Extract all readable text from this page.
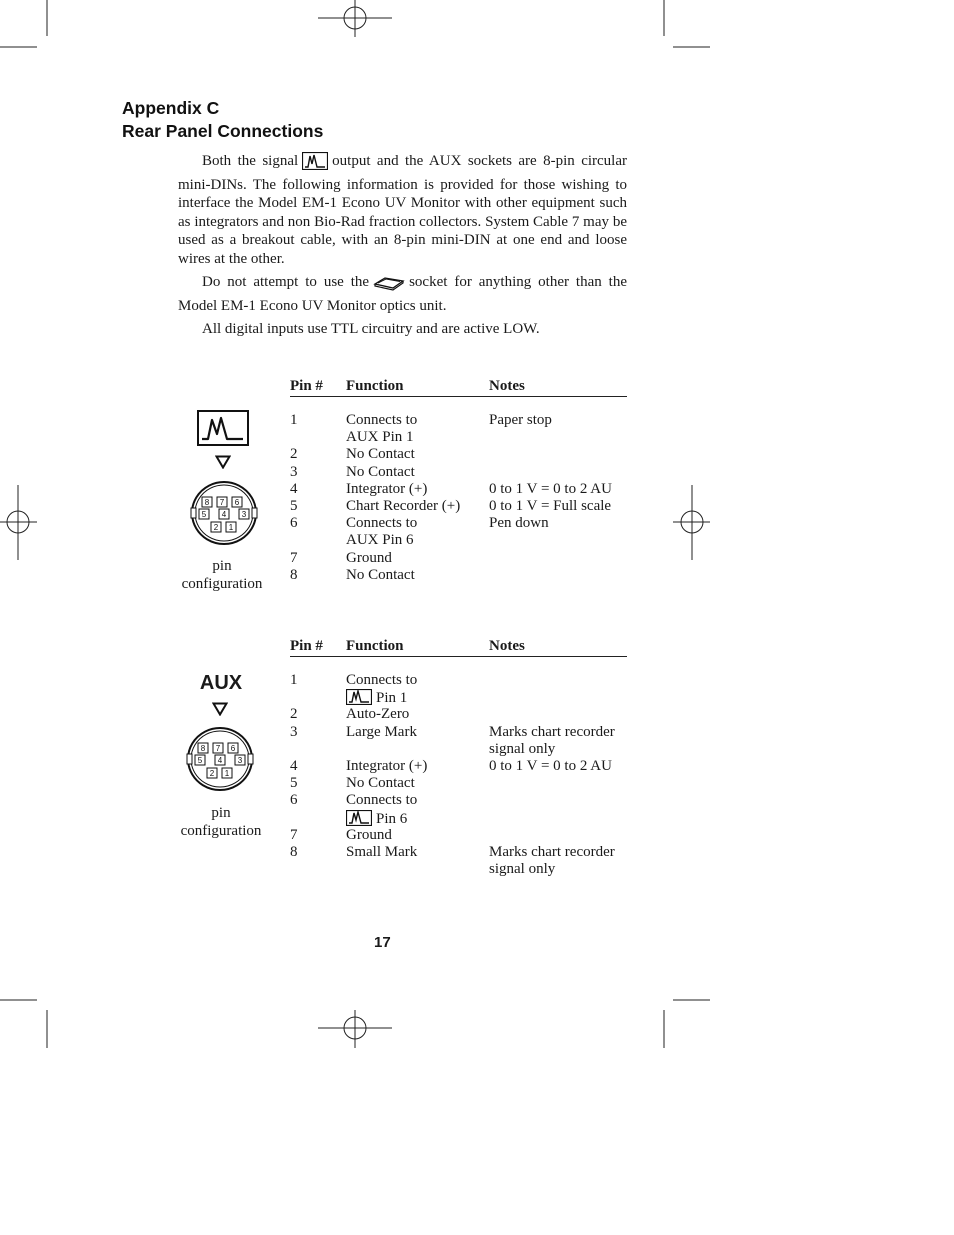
Appendix C
Rear Panel Connections

Both the signal output and the AUX sockets are 8-pin circular mini-DINs. The following information is provided for those wishing to interface the Model EM-1 Econo UV Monitor with other equipment such as integrators and non Bio-Rad fraction collectors. System Cable 7 may be used as a breakout cable, with an 8-pin mini-DIN at one end and loose wires at the other.

Do not attempt to use the	socket for anything other than the Model EM-1 Econo UV Monitor optics unit.

All digital inputs use TTL circuitry and are active LOW.

Pin # Function	Notes
1	Connects to	Paper stop
AUX Pin 1
2	No Contact
3	No Contact
4	Integrator (+)	0 to 1 V = 0 to 2 AU
5	Chart Recorder (+) 0 to 1 V = Full scale
6	Connects to	Pen down
AUX Pin 6
7	Ground
8	No Contact
8 7 6
5 4 3
2 1
pin
configuration
Pin # Function	Notes
1	Connects to
Pin 1
2	Auto-Zero
3	Large Mark	Marks chart recorder
signal only
4	Integrator (+)	0 to 1 V = 0 to 2 AU
5	No Contact
6	Connects to
Pin 6
7	Ground
8	Small Mark	Marks chart recorder
signal only
AUX
8 7 6
5 4 3
2 1
pin
configuration
17
